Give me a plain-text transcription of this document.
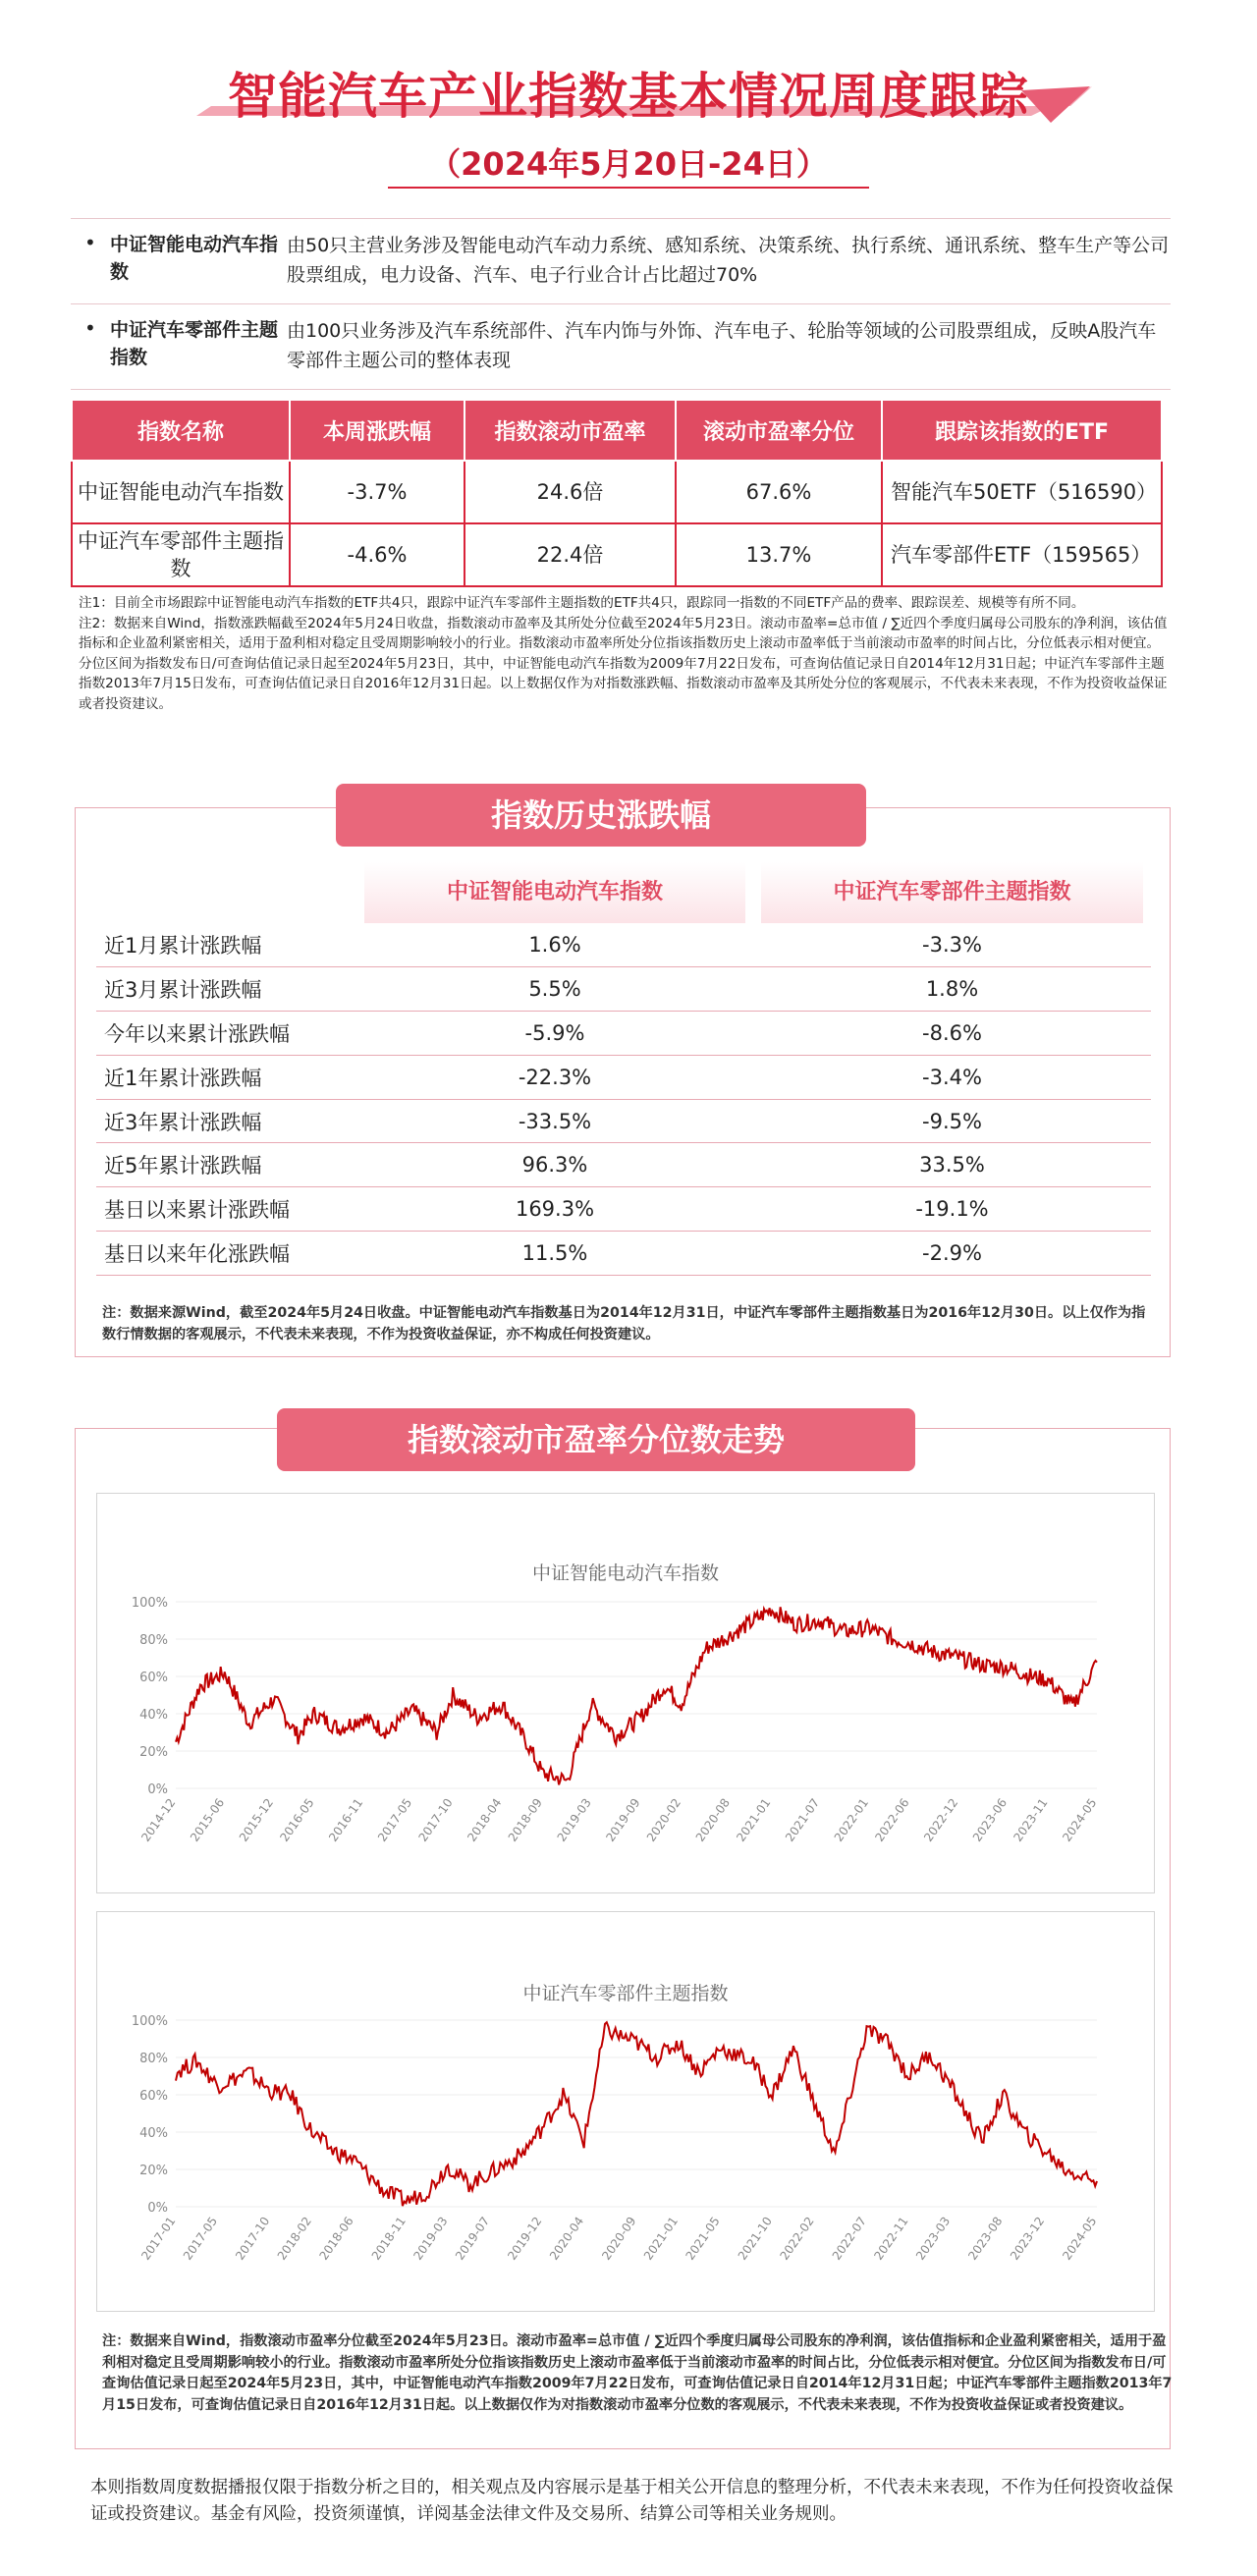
智能汽车产业指数基本情况周度跟踪
（2024年5月20日-24日）
• 中证智能电动汽车指数
由50只主营业务涉及智能电动汽车动力系统、感知系统、决策系统、执行系统、通讯系统、整车生产等公司股票组成，电力设备、汽车、电子行业合计占比超过70%
• 中证汽车零部件主题指数
由100只业务涉及汽车系统部件、汽车内饰与外饰、汽车电子、轮胎等领域的公司股票组成，反映A股汽车零部件主题公司的整体表现
指数名称	本周涨跌幅	指数滚动市盈率	滚动市盈率分位	跟踪该指数的ETF
中证智能电动汽车指数	-3.7%	24.6倍	67.6%	智能汽车50ETF（516590）
中证汽车零部件主题指数	-4.6%	22.4倍	13.7%	汽车零部件ETF（159565）

注1：目前全市场跟踪中证智能电动汽车指数的ETF共4只，跟踪中证汽车零部件主题指数的ETF共4只，跟踪同一指数的不同ETF产品的费率、跟踪误差、规模等有所不同。

注2：数据来自Wind，指数涨跌幅截至2024年5月24日收盘，指数滚动市盈率及其所处分位截至2024年5月23日。滚动市盈率=总市值 / ∑近四个季度归属母公司股东的净利润，该估值指标和企业盈利紧密相关，适用于盈利相对稳定且受周期影响较小的行业。指数滚动市盈率所处分位指该指数历史上滚动市盈率低于当前滚动市盈率的时间占比，分位低表示相对便宜。分位区间为指数发布日/可查询估值记录日起至2024年5月23日，其中，中证智能电动汽车指数为2009年7月22日发布，可查询估值记录日自2014年12月31日起；中证汽车零部件主题指数2013年7月15日发布，可查询估值记录日自2016年12月31日起。以上数据仅作为对指数涨跌幅、指数滚动市盈率及其所处分位的客观展示，不代表未来表现，不作为投资收益保证或者投资建议。

指数历史涨跌幅

	中证智能电动汽车指数	中证汽车零部件主题指数

近1月累计涨跌幅	1.6%	-3.3%
近3月累计涨跌幅	5.5%	1.8%
今年以来累计涨跌幅	-5.9%	-8.6%
近1年累计涨跌幅	-22.3%	-3.4%
近3年累计涨跌幅	-33.5%	-9.5%
近5年累计涨跌幅	96.3%	33.5%
基日以来累计涨跌幅	169.3%	-19.1%
基日以来年化涨跌幅	11.5%	-2.9%
注：数据来源Wind，截至2024年5月24日收盘。中证智能电动汽车指数基日为2014年12月31日，中证汽车零部件主题指数基日为2016年12月30日。以上仅作为指数行情数据的客观展示，不代表未来表现，不作为投资收益保证，亦不构成任何投资建议。
指数滚动市盈率分位数走势
中证智能电动汽车指数
0%
20%
40%
60%
80%
100%
2014-12 2015-06 2015-12 2016-05 2016-11 2017-05 2017-10 2018-04 2018-09 2019-03 2019-09 2020-02 2020-08 2021-01 2021-07 2022-01 2022-06 2022-12 2023-06 2023-11 2024-05
中证汽车零部件主题指数
0%
20%
40%
60%
80%
100%
2017-01 2017-05 2017-10 2018-02 2018-06 2018-11 2019-03 2019-07 2019-12 2020-04 2020-09 2021-01 2021-05 2021-10 2022-02 2022-07 2022-11 2023-03 2023-08 2023-12 2024-05
注：数据来自Wind，指数滚动市盈率分位截至2024年5月23日。滚动市盈率=总市值 / ∑近四个季度归属母公司股东的净利润，该估值指标和企业盈利紧密相关，适用于盈利相对稳定且受周期影响较小的行业。指数滚动市盈率所处分位指该指数历史上滚动市盈率低于当前滚动市盈率的时间占比，分位低表示相对便宜。分位区间为指数发布日/可查询估值记录日起至2024年5月23日，其中，中证智能电动汽车指数2009年7月22日发布，可查询估值记录日自2014年12月31日起；中证汽车零部件主题指数2013年7月15日发布，可查询估值记录日自2016年12月31日起。以上数据仅作为对指数滚动市盈率分位数的客观展示，不代表未来表现，不作为投资收益保证或者投资建议。
本则指数周度数据播报仅限于指数分析之目的，相关观点及内容展示是基于相关公开信息的整理分析，不代表未来表现，不作为任何投资收益保证或投资建议。基金有风险，投资须谨慎，详阅基金法律文件及交易所、结算公司等相关业务规则。
